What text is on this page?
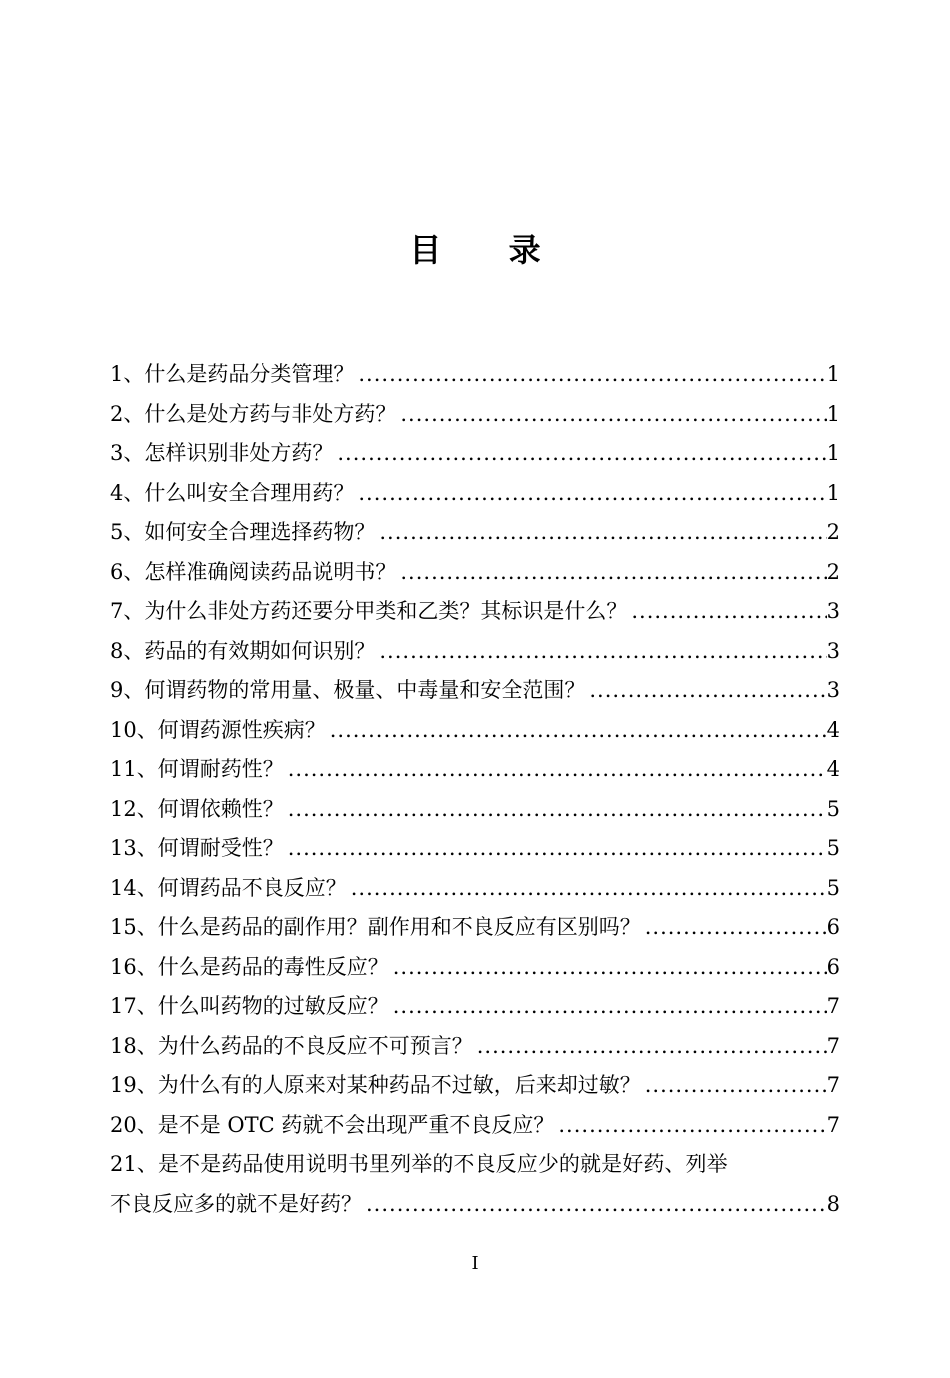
目 录
1、什么是药品分类管理？ .....	1
2、什么是处方药与非处方药？ .....	1
3、怎样识别非处方药？ .....	1
4、什么叫安全合理用药？ .....	1
5、如何安全合理选择药物？ .....	2
6、怎样准确阅读药品说明书？ .....	2
7、为什么非处方药还要分甲类和乙类？其标识是什么？ .....	3
8、药品的有效期如何识别？ .....	3
9、何谓药物的常用量、极量、中毒量和安全范围？ .....	3
10、何谓药源性疾病？ .....	4
11、何谓耐药性？ .....	4
12、何谓依赖性？ .....	5
13、何谓耐受性？ .....	5
14、何谓药品不良反应？ .....	5
15、什么是药品的副作用？副作用和不良反应有区别吗？ .....	6
16、什么是药品的毒性反应？ .....	6
17、什么叫药物的过敏反应？ .....	7
18、为什么药品的不良反应不可预言？ .....	7
19、为什么有的人原来对某种药品不过敏，后来却过敏？ .....	7
20、是不是 OTC 药就不会出现严重不良反应？ .....	7
21、是不是药品使用说明书里列举的不良反应少的就是好药、列举
不良反应多的就不是好药？ .....	8
I
